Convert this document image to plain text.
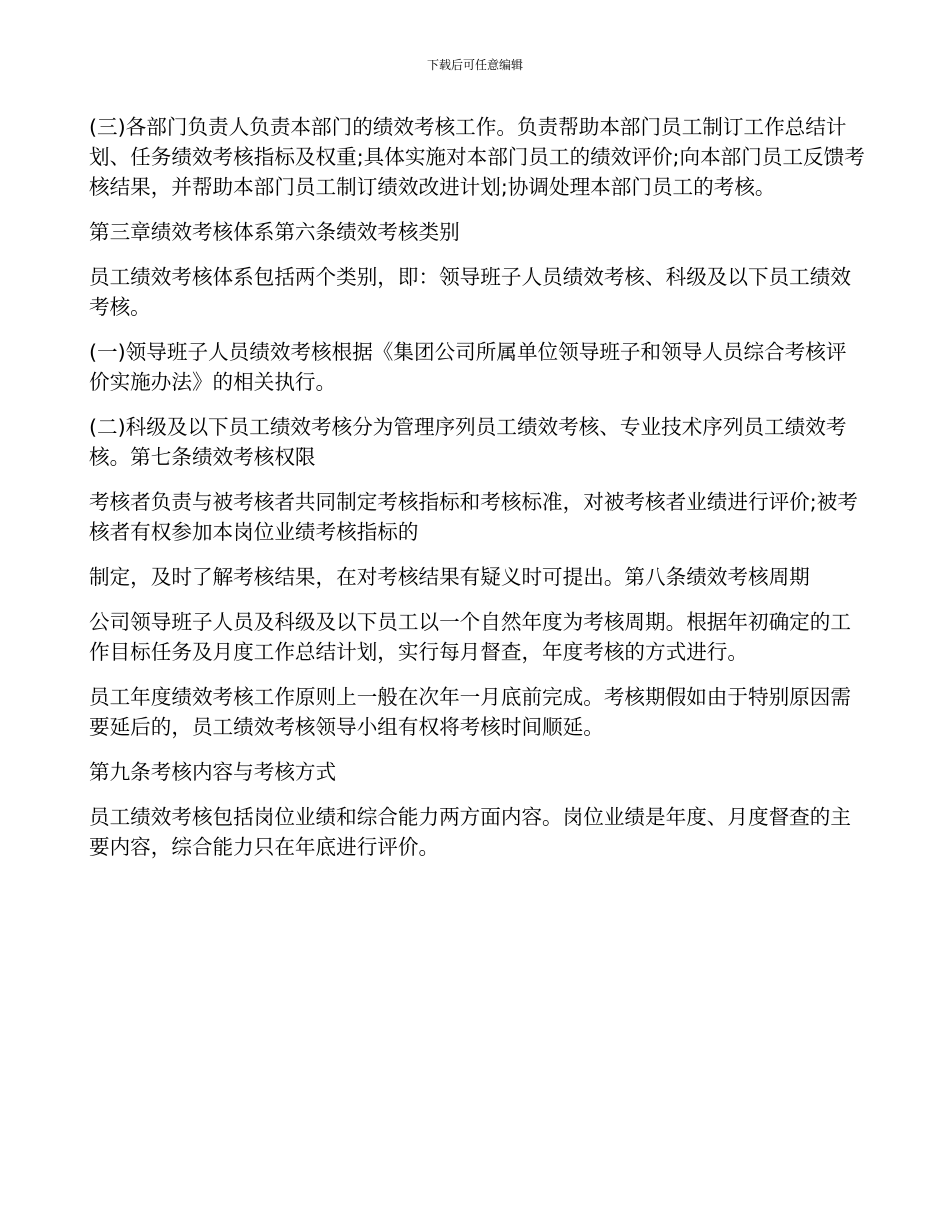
下载后可任意编辑

(三)各部门负责人负责本部门的绩效考核工作。负责帮助本部门员工制订工作总结计划、任务绩效考核指标及权重;具体实施对本部门员工的绩效评价;向本部门员工反馈考核结果，并帮助本部门员工制订绩效改进计划;协调处理本部门员工的考核。

第三章绩效考核体系第六条绩效考核类别

员工绩效考核体系包括两个类别，即：领导班子人员绩效考核、科级及以下员工绩效考核。

(一)领导班子人员绩效考核根据《集团公司所属单位领导班子和领导人员综合考核评价实施办法》的相关执行。

(二)科级及以下员工绩效考核分为管理序列员工绩效考核、专业技术序列员工绩效考核。第七条绩效考核权限

考核者负责与被考核者共同制定考核指标和考核标准，对被考核者业绩进行评价;被考核者有权参加本岗位业绩考核指标的

制定，及时了解考核结果，在对考核结果有疑义时可提出。第八条绩效考核周期

公司领导班子人员及科级及以下员工以一个自然年度为考核周期。根据年初确定的工作目标任务及月度工作总结计划，实行每月督查，年度考核的方式进行。

员工年度绩效考核工作原则上一般在次年一月底前完成。考核期假如由于特别原因需要延后的，员工绩效考核领导小组有权将考核时间顺延。

第九条考核内容与考核方式

员工绩效考核包括岗位业绩和综合能力两方面内容。岗位业绩是年度、月度督查的主要内容，综合能力只在年底进行评价。
